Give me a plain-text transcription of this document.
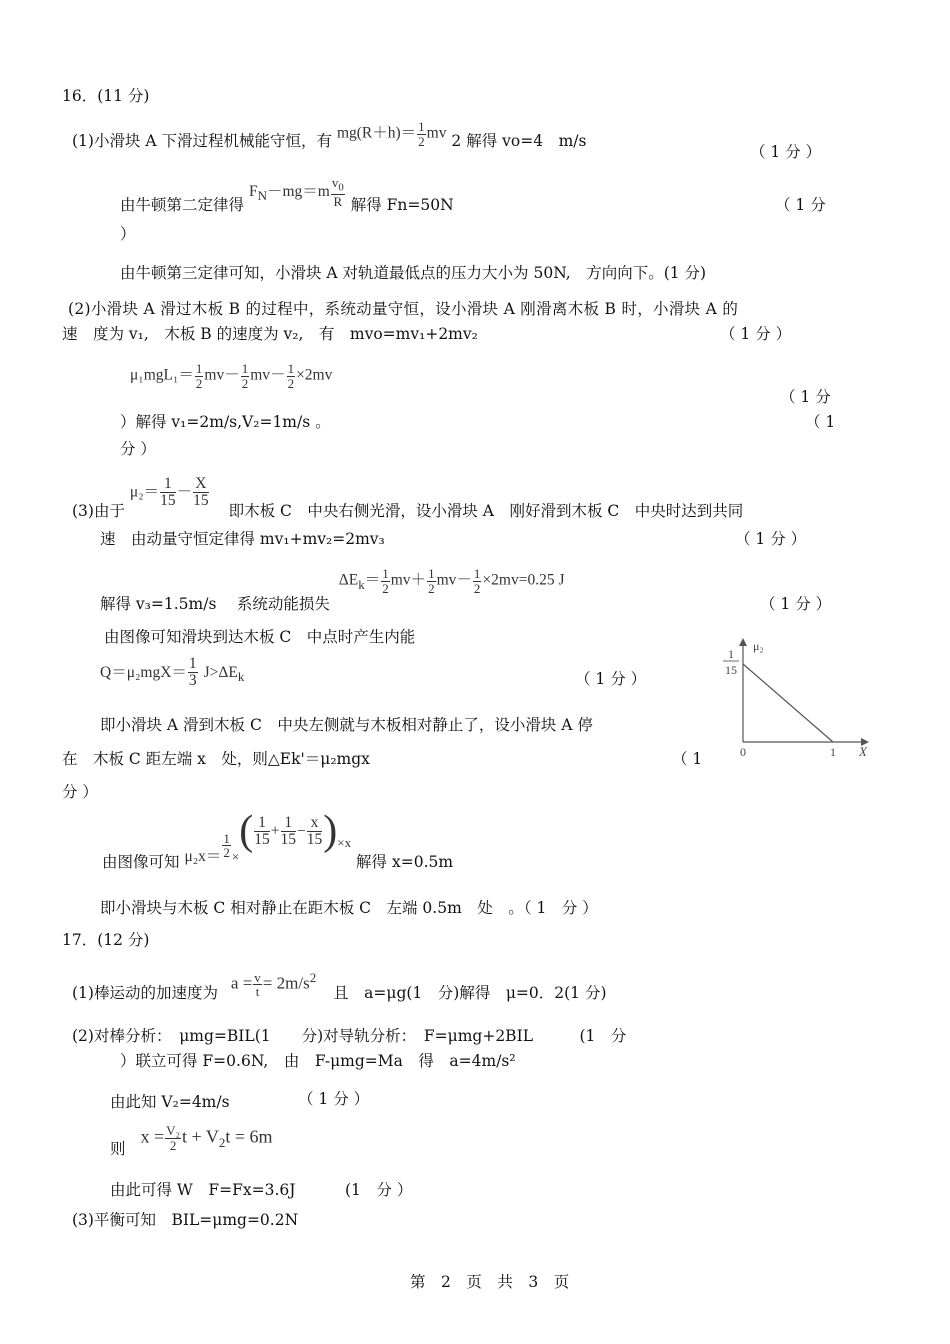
16．(11 分)
(1)小滑块 A 下滑过程机械能守恒，有 $mg(R+h)= \frac{1}{2}$ mv 2 解得 vo=4　m/s
（ 1 分 ）
由牛顿第二定律得 $F_N-mg=m \frac{v_0}{R}$ 解得 Fn=50N	（ 1 分
）
由牛顿第三定律可知，小滑块 A 对轨道最低点的压力大小为 50N,　方向向下。(1 分)
(2)小滑块 A 滑过木板 B 的过程中，系统动量守恒，设小滑块 A 刚滑离木板 B 时，小滑块 A 的
速　度为 v₁,　木板 B 的速度为 v₂,　有　mvo=mv₁+2mv₂	（ 1 分 ）
$\mu_1mgL_1= \frac{1}{2} mv- \frac{1}{2} mv- \frac{1}{2} \times 2mv$
（ 1 分
）解得 v₁=2m/s,V₂=1m/s 。	（ 1
分 ）
(3)由于 $\mu_2= \frac{1}{15} - \frac{X}{15}$
即木板 C　中央右侧光滑，设小滑块 A　刚好滑到木板 C　中央时达到共同
速　由动量守恒定律得 mv₁+mv₂=2mv₃	（ 1 分 ）
解得 v₃=1.5m/s　 系统动能损失 $\Delta E_k= \frac{1}{2} mv+ \frac{1}{2} mv- \frac{1}{2} \times 2mv=0.25$ J
（ 1 分 ）
由图像可知滑块到达木板 C　中点时产生内能
$Q=\mu_2mgX= \frac{1}{3} J>\Delta E_k$	（ 1 分 ）
即小滑块 A 滑到木板 C　中央左侧就与木板相对静止了，设小滑块 A 停
在　木板 C 距左端 x　处，则△Ek'＝μ₂mgx	（ 1
分 ）
μ₂
1
15
0	1 X
由图像可知 $\mu_2x= \frac{1}{2} _\times( \frac{1}{15} + \frac{1}{15} - \frac{x}{15} )_{\times x}$ 解得 x=0.5m
即小滑块与木板 C 相对静止在距木板 C　左端 0.5m　处　。（ 1　分 ）
17．(12 分)
(1)棒运动的加速度为 $a = \frac{v}{t} = 2m/s^2$ 且　a=μg(1　分)解得　μ=0．2(1 分)
(2)对棒分析：　μmg=BIL(1　　分)对导轨分析：　F=μmg+2BIL　　　(1　分
）联立可得 F=0.6N,　由　F-μmg=Ma　得　a=4m/s²
由此知 V₂=4m/s	（ 1 分 ）
则 $x = \frac{\text{V₂}}{2}$ $t + V_2t = 6m$
由此可得 W　F=Fx=3.6J	(1　分 ）
(3)平衡可知　BIL=μmg=0.2N
第　2　页　共　3　页
